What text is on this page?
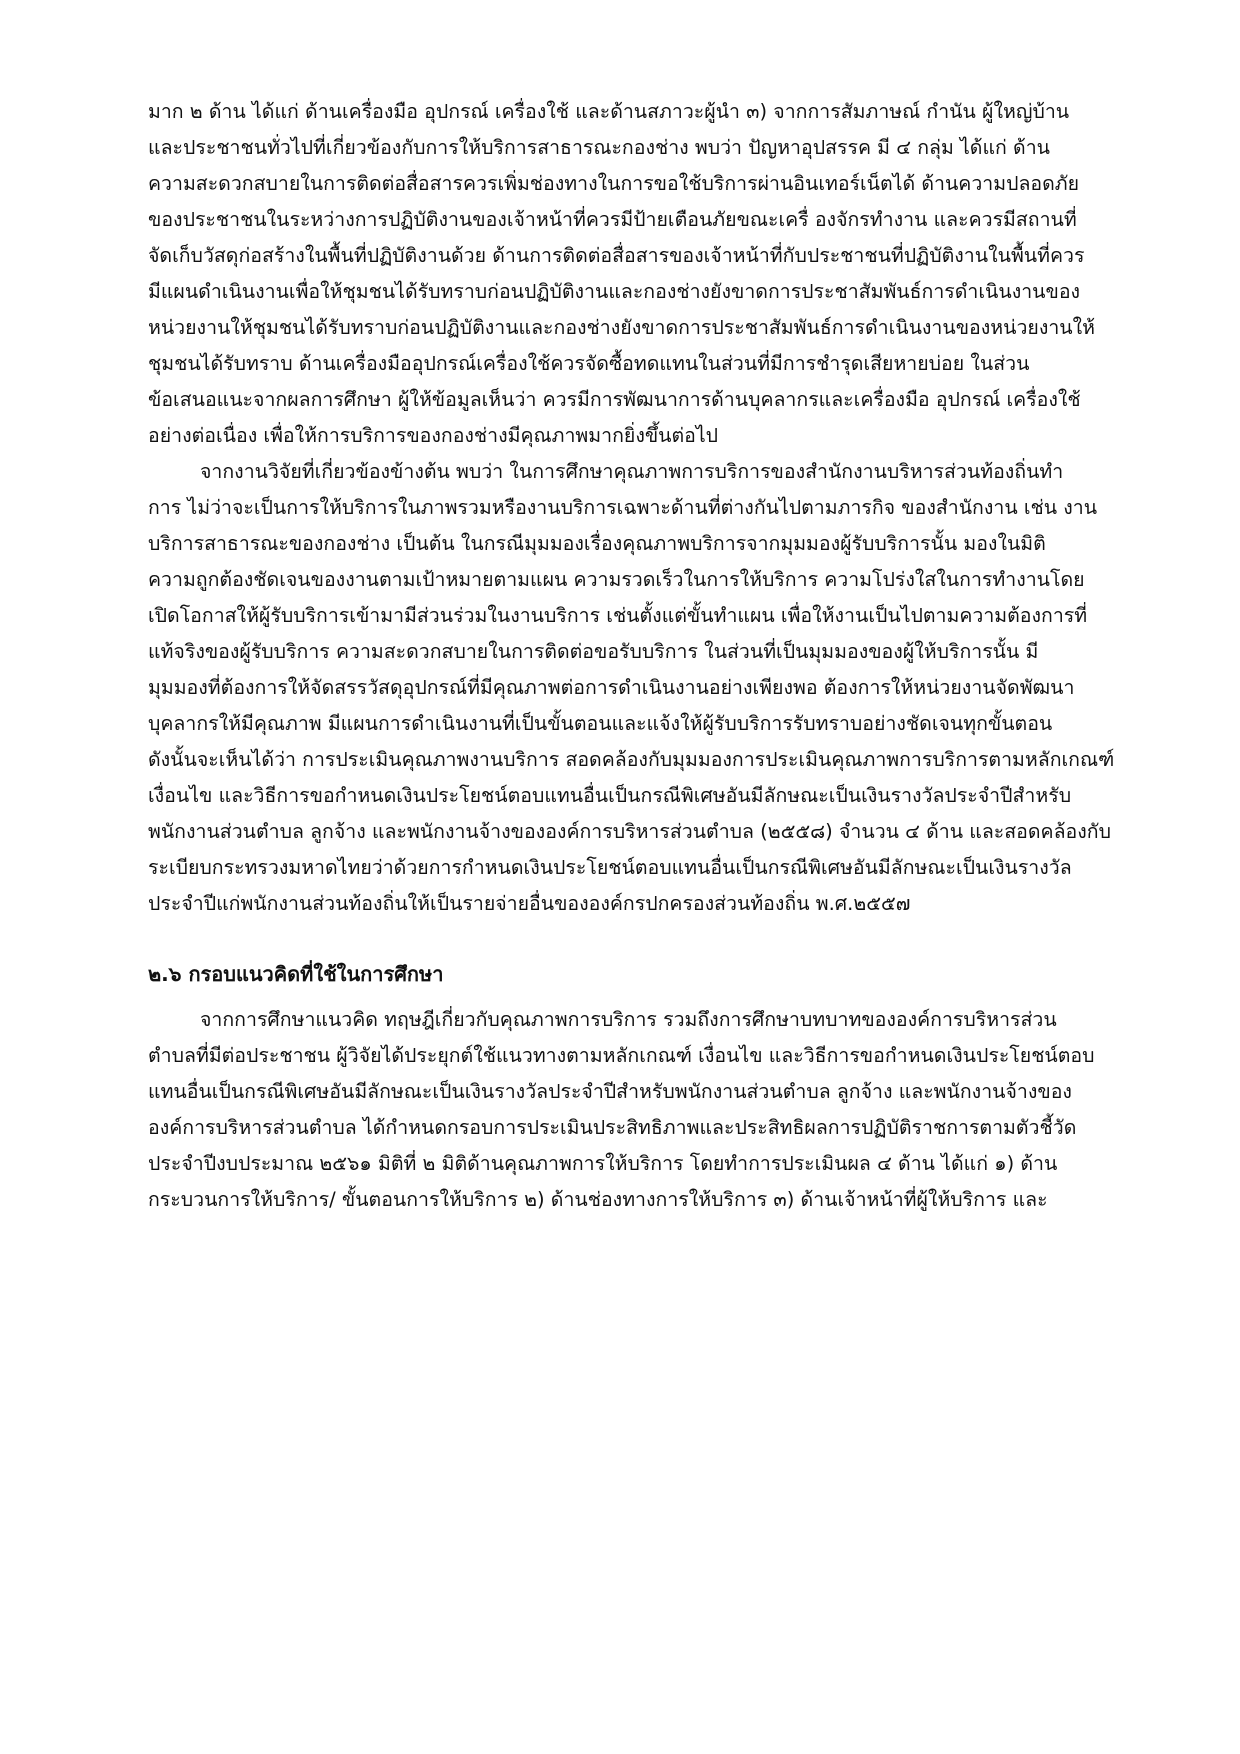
มาก ๒ ด้าน ได้แก่ ด้านเครื่องมือ อุปกรณ์ เครื่องใช้ และด้านสภาวะผู้นำ ๓) จากการสัมภาษณ์ กำนัน ผู้ใหญ่บ้าน
และประชาชนทั่วไปที่เกี่ยวข้องกับการให้บริการสาธารณะกองช่าง พบว่า ปัญหาอุปสรรค มี ๔ กลุ่ม ได้แก่ ด้าน
ความสะดวกสบายในการติดต่อสื่อสารควรเพิ่มช่องทางในการขอใช้บริการผ่านอินเทอร์เน็ตได้ ด้านความปลอดภัย
ของประชาชนในระหว่างการปฏิบัติงานของเจ้าหน้าที่ควรมีป้ายเตือนภัยขณะเครื่ องจักรทำงาน และควรมีสถานที่
จัดเก็บวัสดุก่อสร้างในพื้นที่ปฏิบัติงานด้วย ด้านการติดต่อสื่อสารของเจ้าหน้าที่กับประชาชนที่ปฏิบัติงานในพื้นที่ควร
มีแผนดำเนินงานเพื่อให้ชุมชนได้รับทราบก่อนปฏิบัติงานและกองช่างยังขาดการประชาสัมพันธ์การดำเนินงานของ
หน่วยงานให้ชุมชนได้รับทราบก่อนปฏิบัติงานและกองช่างยังขาดการประชาสัมพันธ์การดำเนินงานของหน่วยงานให้
ชุมชนได้รับทราบ ด้านเครื่องมืออุปกรณ์เครื่องใช้ควรจัดซื้อทดแทนในส่วนที่มีการชำรุดเสียหายบ่อย ในส่วน
ข้อเสนอแนะจากผลการศึกษา ผู้ให้ข้อมูลเห็นว่า ควรมีการพัฒนาการด้านบุคลากรและเครื่องมือ อุปกรณ์ เครื่องใช้
อย่างต่อเนื่อง เพื่อให้การบริการของกองช่างมีคุณภาพมากยิ่งขึ้นต่อไป
จากงานวิจัยที่เกี่ยวข้องข้างต้น พบว่า ในการศึกษาคุณภาพการบริการของสำนักงานบริหารส่วนท้องถิ่นทำ
การ ไม่ว่าจะเป็นการให้บริการในภาพรวมหรืองานบริการเฉพาะด้านที่ต่างกันไปตามภารกิจ ของสำนักงาน เช่น งาน
บริการสาธารณะของกองช่าง เป็นต้น ในกรณีมุมมองเรื่องคุณภาพบริการจากมุมมองผู้รับบริการนั้น มองในมิติ
ความถูกต้องชัดเจนของงานตามเป้าหมายตามแผน ความรวดเร็วในการให้บริการ ความโปร่งใสในการทำงานโดย
เปิดโอกาสให้ผู้รับบริการเข้ามามีส่วนร่วมในงานบริการ เช่นตั้งแต่ขั้นทำแผน เพื่อให้งานเป็นไปตามความต้องการที่
แท้จริงของผู้รับบริการ ความสะดวกสบายในการติดต่อขอรับบริการ ในส่วนที่เป็นมุมมองของผู้ให้บริการนั้น มี
มุมมองที่ต้องการให้จัดสรรวัสดุอุปกรณ์ที่มีคุณภาพต่อการดำเนินงานอย่างเพียงพอ ต้องการให้หน่วยงานจัดพัฒนา
บุคลากรให้มีคุณภาพ มีแผนการดำเนินงานที่เป็นขั้นตอนและแจ้งให้ผู้รับบริการรับทราบอย่างชัดเจนทุกขั้นตอน
ดังนั้นจะเห็นได้ว่า การประเมินคุณภาพงานบริการ สอดคล้องกับมุมมองการประเมินคุณภาพการบริการตามหลักเกณฑ์
เงื่อนไข และวิธีการขอกำหนดเงินประโยชน์ตอบแทนอื่นเป็นกรณีพิเศษอันมีลักษณะเป็นเงินรางวัลประจำปีสำหรับ
พนักงานส่วนตำบล ลูกจ้าง และพนักงานจ้างขององค์การบริหารส่วนตำบล (๒๕๕๘) จำนวน ๔ ด้าน และสอดคล้องกับ
ระเบียบกระทรวงมหาดไทยว่าด้วยการกำหนดเงินประโยชน์ตอบแทนอื่นเป็นกรณีพิเศษอันมีลักษณะเป็นเงินรางวัล
ประจำปีแก่พนักงานส่วนท้องถิ่นให้เป็นรายจ่ายอื่นขององค์กรปกครองส่วนท้องถิ่น พ.ศ.๒๕๕๗
๒.๖ กรอบแนวคิดที่ใช้ในการศึกษา
จากการศึกษาแนวคิด ทฤษฎีเกี่ยวกับคุณภาพการบริการ รวมถึงการศึกษาบทบาทขององค์การบริหารส่วน
ตำบลที่มีต่อประชาชน ผู้วิจัยได้ประยุกต์ใช้แนวทางตามหลักเกณฑ์ เงื่อนไข และวิธีการขอกำหนดเงินประโยชน์ตอบ
แทนอื่นเป็นกรณีพิเศษอันมีลักษณะเป็นเงินรางวัลประจำปีสำหรับพนักงานส่วนตำบล ลูกจ้าง และพนักงานจ้างของ
องค์การบริหารส่วนตำบล ได้กำหนดกรอบการประเมินประสิทธิภาพและประสิทธิผลการปฏิบัติราชการตามตัวชี้วัด
ประจำปีงบประมาณ ๒๕๖๑ มิติที่ ๒ มิติด้านคุณภาพการให้บริการ โดยทำการประเมินผล ๔ ด้าน ได้แก่ ๑) ด้าน
กระบวนการให้บริการ/ ขั้นตอนการให้บริการ ๒) ด้านช่องทางการให้บริการ ๓) ด้านเจ้าหน้าที่ผู้ให้บริการ และ
